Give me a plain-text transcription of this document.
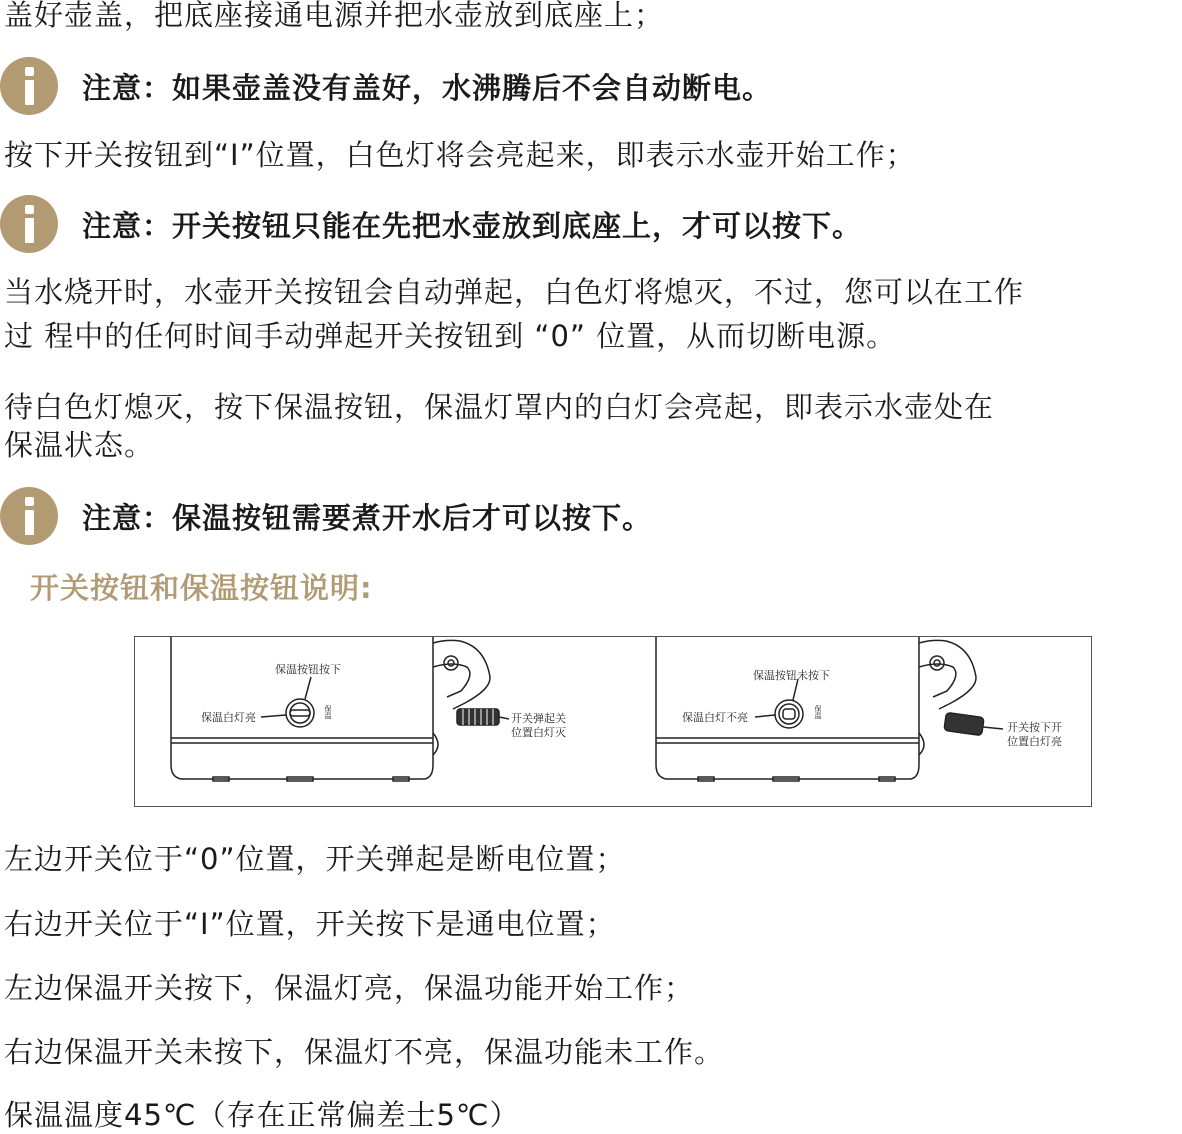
盖好壶盖，把底座接通电源并把水壶放到底座上；
注意：如果壶盖没有盖好，水沸腾后不会自动断电。
按下开关按钮到“I”位置，白色灯将会亮起来，即表示水壶开始工作；
注意：开关按钮只能在先把水壶放到底座上，才可以按下。
当水烧开时，水壶开关按钮会自动弹起，白色灯将熄灭，不过，您可以在工作
过 程中的任何时间手动弹起开关按钮到 “0” 位置，从而切断电源。
待白色灯熄灭，按下保温按钮，保温灯罩内的白灯会亮起，即表示水壶处在
保温状态。
注意：保温按钮需要煮开水后才可以按下。
开关按钮和保温按钮说明:
保温按钮按下
保温白灯亮	保温	开关弹起关
位置白灯灭
保温按钮未按下
保温白灯不亮	保温
开关按下开
位置白灯亮
左边开关位于“0”位置，开关弹起是断电位置；
右边开关位于“I”位置，开关按下是通电位置；
左边保温开关按下，保温灯亮，保温功能开始工作；
右边保温开关未按下，保温灯不亮，保温功能未工作。
保温温度45℃（存在正常偏差士5℃）
